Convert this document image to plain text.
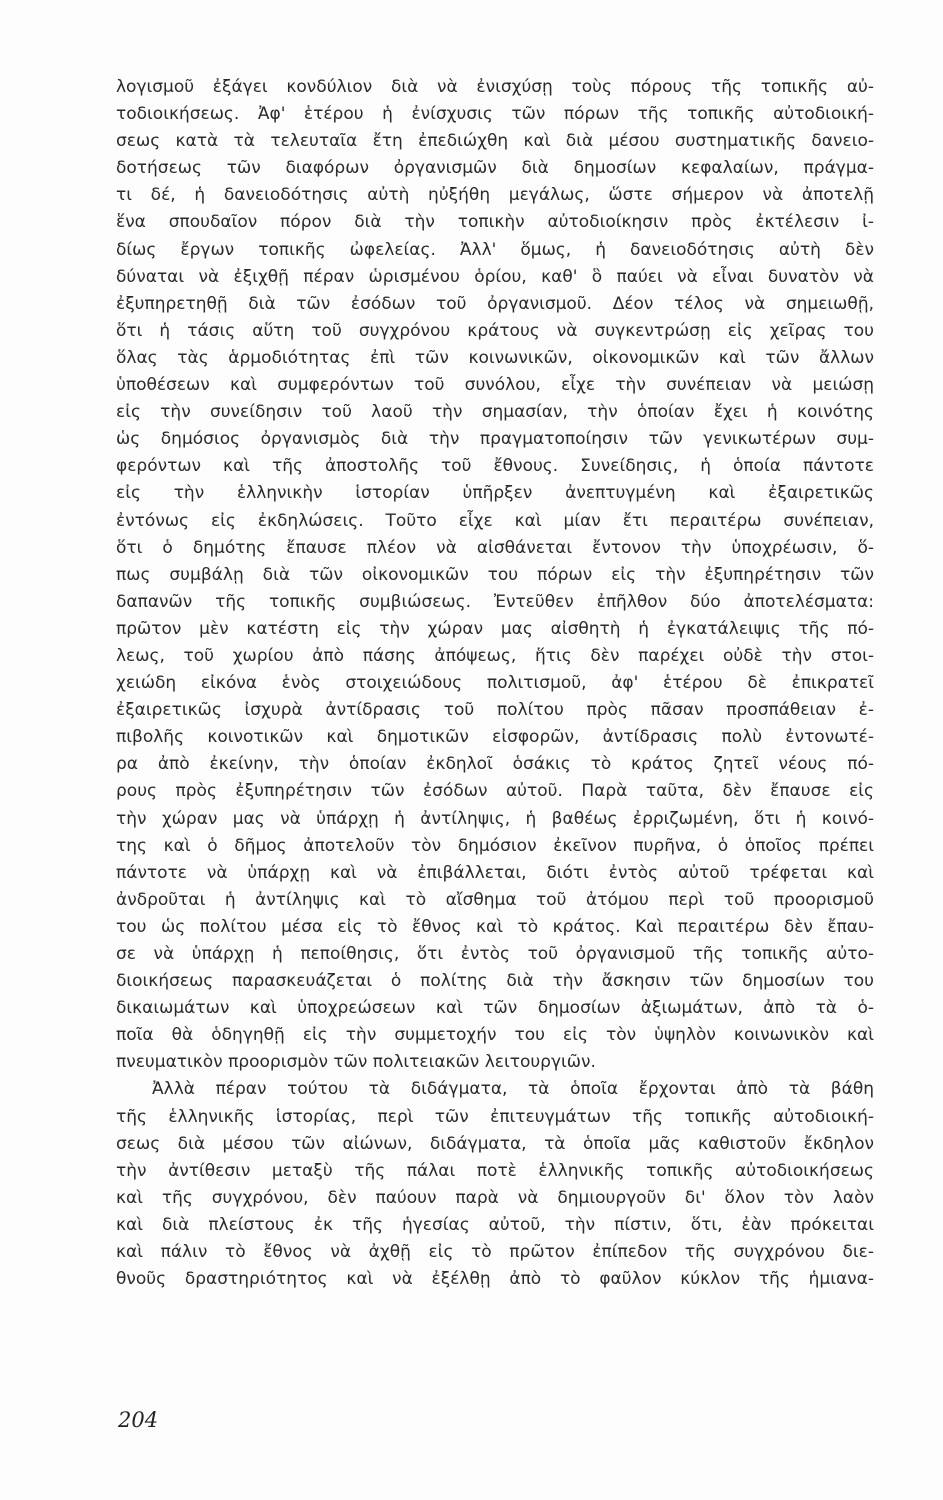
λογισμοῦ ἐξάγει κονδύλιον διὰ νὰ ἐνισχύσῃ τοὺς πόρους τῆς τοπικῆς αὐ-
τοδιοικήσεως. Ἀφ' ἑτέρου ἡ ἐνίσχυσις τῶν πόρων τῆς τοπικῆς αὐτοδιοική-
σεως κατὰ τὰ τελευταῖα ἔτη ἐπεδιώχθη καὶ διὰ μέσου συστηματικῆς δανειο-
δοτήσεως τῶν διαφόρων ὀργανισμῶν διὰ δημοσίων κεφαλαίων, πράγμα-
τι δέ, ἡ δανειοδότησις αὐτὴ ηὐξήθη μεγάλως, ὥστε σήμερον νὰ ἀποτελῇ
ἕνα σπουδαῖον πόρον διὰ τὴν τοπικὴν αὐτοδιοίκησιν πρὸς ἐκτέλεσιν ἰ-
δίως ἔργων τοπικῆς ὠφελείας. Ἀλλ' ὅμως, ἡ δανειοδότησις αὐτὴ δὲν
δύναται νὰ ἐξιχθῇ πέραν ὡρισμένου ὁρίου, καθ' ὃ παύει νὰ εἶναι δυνατὸν νὰ
ἐξυπηρετηθῇ διὰ τῶν ἐσόδων τοῦ ὀργανισμοῦ. Δέον τέλος νὰ σημειωθῇ,
ὅτι ἡ τάσις αὕτη τοῦ συγχρόνου κράτους νὰ συγκεντρώσῃ εἰς χεῖρας του
ὅλας τὰς ἁρμοδιότητας ἐπὶ τῶν κοινωνικῶν, οἰκονομικῶν καὶ τῶν ἄλλων
ὑποθέσεων καὶ συμφερόντων τοῦ συνόλου, εἶχε τὴν συνέπειαν νὰ μειώσῃ
εἰς τὴν συνείδησιν τοῦ λαοῦ τὴν σημασίαν, τὴν ὁποίαν ἔχει ἡ κοινότης
ὡς δημόσιος ὀργανισμὸς διὰ τὴν πραγματοποίησιν τῶν γενικωτέρων συμ-
φερόντων καὶ τῆς ἀποστολῆς τοῦ ἔθνους. Συνείδησις, ἡ ὁποία πάντοτε
εἰς τὴν ἑλληνικὴν ἱστορίαν ὑπῆρξεν ἀνεπτυγμένη καὶ ἐξαιρετικῶς
ἐντόνως εἰς ἐκδηλώσεις. Τοῦτο εἶχε καὶ μίαν ἔτι περαιτέρω συνέπειαν,
ὅτι ὁ δημότης ἔπαυσε πλέον νὰ αἰσθάνεται ἔντονον τὴν ὑποχρέωσιν, ὅ-
πως συμβάλῃ διὰ τῶν οἰκονομικῶν του πόρων εἰς τὴν ἐξυπηρέτησιν τῶν
δαπανῶν τῆς τοπικῆς συμβιώσεως. Ἐντεῦθεν ἐπῆλθον δύο ἀποτελέσματα:
πρῶτον μὲν κατέστη εἰς τὴν χώραν μας αἰσθητὴ ἡ ἐγκατάλειψις τῆς πό-
λεως, τοῦ χωρίου ἀπὸ πάσης ἀπόψεως, ἥτις δὲν παρέχει οὐδὲ τὴν στοι-
χειώδη εἰκόνα ἑνὸς στοιχειώδους πολιτισμοῦ, ἀφ' ἑτέρου δὲ ἐπικρατεῖ
ἐξαιρετικῶς ἰσχυρὰ ἀντίδρασις τοῦ πολίτου πρὸς πᾶσαν προσπάθειαν ἐ-
πιβολῆς κοινοτικῶν καὶ δημοτικῶν εἰσφορῶν, ἀντίδρασις πολὺ ἐντονωτέ-
ρα ἀπὸ ἐκείνην, τὴν ὁποίαν ἐκδηλοῖ ὁσάκις τὸ κράτος ζητεῖ νέους πό-
ρους πρὸς ἐξυπηρέτησιν τῶν ἐσόδων αὐτοῦ. Παρὰ ταῦτα, δὲν ἔπαυσε εἰς
τὴν χώραν μας νὰ ὑπάρχῃ ἡ ἀντίληψις, ἡ βαθέως ἐρριζωμένη, ὅτι ἡ κοινό-
της καὶ ὁ δῆμος ἀποτελοῦν τὸν δημόσιον ἐκεῖνον πυρῆνα, ὁ ὁποῖος πρέπει
πάντοτε νὰ ὑπάρχῃ καὶ νὰ ἐπιβάλλεται, διότι ἐντὸς αὐτοῦ τρέφεται καὶ
ἀνδροῦται ἡ ἀντίληψις καὶ τὸ αἴσθημα τοῦ ἀτόμου περὶ τοῦ προορισμοῦ
του ὡς πολίτου μέσα εἰς τὸ ἔθνος καὶ τὸ κράτος. Καὶ περαιτέρω δὲν ἔπαυ-
σε νὰ ὑπάρχῃ ἡ πεποίθησις, ὅτι ἐντὸς τοῦ ὀργανισμοῦ τῆς τοπικῆς αὐτο-
διοικήσεως παρασκευάζεται ὁ πολίτης διὰ τὴν ἄσκησιν τῶν δημοσίων του
δικαιωμάτων καὶ ὑποχρεώσεων καὶ τῶν δημοσίων ἀξιωμάτων, ἀπὸ τὰ ὁ-
ποῖα θὰ ὁδηγηθῇ εἰς τὴν συμμετοχήν του εἰς τὸν ὑψηλὸν κοινωνικὸν καὶ
πνευματικὸν προορισμὸν τῶν πολιτειακῶν λειτουργιῶν.
Ἀλλὰ πέραν τούτου τὰ διδάγματα, τὰ ὁποῖα ἔρχονται ἀπὸ τὰ βάθη
τῆς ἑλληνικῆς ἱστορίας, περὶ τῶν ἐπιτευγμάτων τῆς τοπικῆς αὐτοδιοική-
σεως διὰ μέσου τῶν αἰώνων, διδάγματα, τὰ ὁποῖα μᾶς καθιστοῦν ἔκδηλον
τὴν ἀντίθεσιν μεταξὺ τῆς πάλαι ποτὲ ἑλληνικῆς τοπικῆς αὐτοδιοικήσεως
καὶ τῆς συγχρόνου, δὲν παύουν παρὰ νὰ δημιουργοῦν δι' ὅλον τὸν λαὸν
καὶ διὰ πλείστους ἐκ τῆς ἡγεσίας αὐτοῦ, τὴν πίστιν, ὅτι, ἐὰν πρόκειται
καὶ πάλιν τὸ ἔθνος νὰ ἀχθῇ εἰς τὸ πρῶτον ἐπίπεδον τῆς συγχρόνου διε-
θνοῦς δραστηριότητος καὶ νὰ ἐξέλθῃ ἀπὸ τὸ φαῦλον κύκλον τῆς ἡμιανα-
204
